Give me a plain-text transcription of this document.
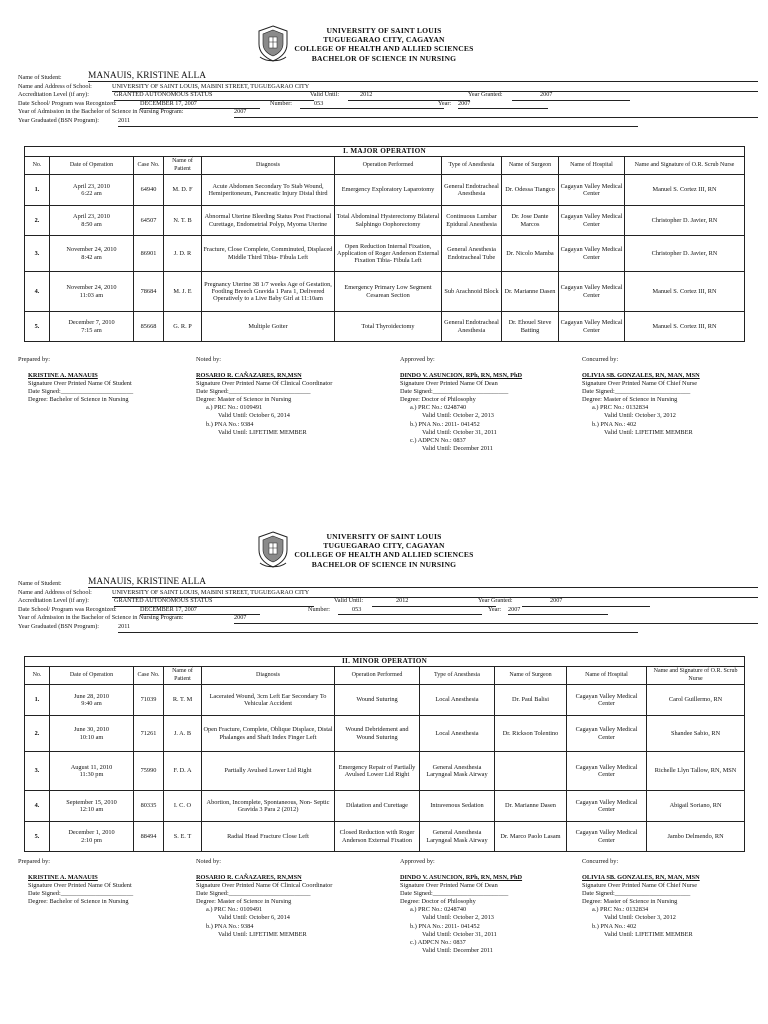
UNIVERSITY OF SAINT LOUIS
TUGUEGARAO CITY, CAGAYAN
COLLEGE OF HEALTH AND ALLIED SCIENCES
BACHELOR OF SCIENCE IN NURSING
Name of Student:	MANAUIS, KRISTINE ALLA
Name and Address of School:	UNIVERSITY OF SAINT LOUIS, MABINI STREET, TUGUEGARAO CITY
Accreditation Level (if any):	GRANTED AUTONOMOUS STATUS	Valid Until:	2012	Year Granted:	2007
Date School/ Program was Recognized:	DECEMBER 17, 2007	Number:	053	Year: 2007
Year of Admission in the Bachelor of Science in Nursing Program:	2007
Year Graduated (BSN Program):	2011
I. MAJOR OPERATION									
No.	Date of Operation	Case No.	Name of Patient	Diagnosis	Operation Performed	Type of Anesthesia	Name of Surgeon	Name of Hospital	Name and Signature of O.R. Scrub Nurse
1.	April 23, 2010
6:22 am	64940	M. D. F	Acute Abdomen Secondary To Stab Wound, Hemiperitoneum, Pancreatic Injury Distal third	Emergency Exploratory Laparotomy	General Endotracheal Anesthesia	Dr. Odessa Tiangco	Cagayan Valley Medical Center	Manuel S. Cortez III, RN
2.	April 23, 2010
8:50 am	64507	N. T. B	Abnormal Uterine Bleeding Status Post Fractional Curettage, Endometrial Polyp, Myoma Uterine	Total Abdominal Hysterectomy Bilateral Salphingo Oophorectomy	Continuous Lumbar Epidural Anesthesia	Dr. Jose Dante Marcos	Cagayan Valley Medical Center	Christopher D. Javier, RN
3.	November 24, 2010
8:42 am	86901	J. D. R	Fracture, Close Complete, Comminuted, Displaced Middle Third Tibia- Fibula Left	Open Reduction Internal Fixation, Application of Roger Anderson External Fixation Tibia- Fibula Left	General Anesthesia Endotracheal Tube	Dr. Nicolo Mamba	Cagayan Valley Medical Center	Christopher D. Javier, RN
4.	November 24, 2010
11:03 am	78684	M. J. E	Pregnancy Uterine 38 1/7 weeks Age of Gestation, Footling Breech Gravida 1 Para 1, Delivered Operatively to a Live Baby Girl at 11:10am	Emergency Primary Low Segment Cesarean Section	Sub Arachnoid Block	Dr. Marianne Dasen	Cagayan Valley Medical Center	Manuel S. Cortez III, RN
5.	December 7, 2010
7:15 am	85668	G. R. P	Multiple Goiter	Total Thyroidectomy	General Endotracheal Anesthesia	Dr. Ehouel Steve Batting	Cagayan Valley Medical Center	Manuel S. Cortez III, RN
Prepared by:
KRISTINE A. MANAUIS
Signature Over Printed Name Of Student
Date Signed:_______________________
Degree: Bachelor of Science in Nursing
Noted by:
ROSARIO R. CAÑAZARES, RN,MSN
Signature Over Printed Name Of Clinical Coordinator
Date Signed:__________________________
Degree: Master of Science in Nursing
a.) PRC No.: 0109491
Valid Until: October 6, 2014
b.) PNA No.: 9384
Valid Until: LIFETIME MEMBER
Approved by:
DINDO V. ASUNCION, RPh, RN, MSN, PhD
Signature Over Printed Name Of Dean
Date Signed:________________________
Degree: Doctor of Philosophy
a.) PRC No.: 0248740
Valid Until: October 2, 2013
b.) PNA No.: 2011- 041452
Valid Until: October 31, 2011
c.) ADPCN No.: 0837
Valid Until: December 2011
Concurred by:
OLIVIA SB. GONZALES, RN, MAN, MSN
Signature Over Printed Name Of Chief Nurse
Date Signed:________________________
Degree: Master of Science in Nursing
a.) PRC No.: 0132834
Valid Until: October 3, 2012
b.) PNA No.: 402
Valid Until: LIFETIME MEMBER
UNIVERSITY OF SAINT LOUIS
TUGUEGARAO CITY, CAGAYAN
COLLEGE OF HEALTH AND ALLIED SCIENCES
BACHELOR OF SCIENCE IN NURSING
Name of Student:	MANAUIS, KRISTINE ALLA
Name and Address of School:	UNIVERSITY OF SAINT LOUIS, MABINI STREET, TUGUEGARAO CITY
Accreditation Level (if any):	GRANTED AUTONOMOUS STATUS	Valid Until:	2012	Year Granted:	2007
Date School/ Program was Recognized:	DECEMBER 17, 2007	Number:	053	Year: 2007
Year of Admission in the Bachelor of Science in Nursing Program:	2007
Year Graduated (BSN Program):	2011
II. MINOR OPERATION									
No.	Date of Operation	Case No.	Name of Patient	Diagnosis	Operation Performed	Type of Anesthesia	Name of Surgeon	Name of Hospital	Name and Signature of O.R. Scrub Nurse
1.	June 28, 2010
9:40 am	71039	R. T. M	Lacerated Wound, 3cm Left Ear Secondary To Vehicular Accident	Wound Suturing	Local Anesthesia	Dr. Paul Balisi	Cagayan Valley Medical Center	Carol Guillermo, RN
2.	June 30, 2010
10:10 am	71261	J. A. B	Open Fracture, Complete, Oblique Displace, Distal Phalanges and Shaft Index Finger Left	Wound Debridement and Wound Suturing	Local Anesthesia	Dr. Rickson Tolentino	Cagayan Valley Medical Center	Shandee Sabio, RN
3.	August 11, 2010
11:30 pm	75990	F. D. A	Partially Avulsed Lower Lid Right	Emergency Repair of Partially Avulsed Lower Lid Right	General Anesthesia Laryngeal Mask Airway		Cagayan Valley Medical Center	Richelle Llyn Tallow, RN, MSN
4.	September 15, 2010
12:10 am	80335	I. C. O	Abortion, Incomplete, Spontaneous, Non- Septic Gravida 3 Para 2 (2012)	Dilatation and Curettage	Intravenous Sedation	Dr. Marianne Dasen	Cagayan Valley Medical Center	Abigail Soriano, RN
5.	December 1, 2010
2:10 pm	88494	S. E. T	Radial Head Fracture Close Left	Closed Reduction with Roger Anderson External Fixation	General Anesthesia Laryngeal Mask Airway	Dr. Marco Paolo Lasam	Cagayan Valley Medical Center	Jambo Delmendo, RN
Prepared by:
KRISTINE A. MANAUIS
Signature Over Printed Name Of Student
Date Signed:_______________________
Degree: Bachelor of Science in Nursing
Noted by:
ROSARIO R. CAÑAZARES, RN,MSN
Signature Over Printed Name Of Clinical Coordinator
Date Signed:__________________________
Degree: Master of Science in Nursing
a.) PRC No.: 0109491
Valid Until: October 6, 2014
b.) PNA No.: 9384
Valid Until: LIFETIME MEMBER
Approved by:
DINDO V. ASUNCION, RPh, RN, MSN, PhD
Signature Over Printed Name Of Dean
Date Signed:________________________
Degree: Doctor of Philosophy
a.) PRC No.: 0248740
Valid Until: October 2, 2013
b.) PNA No.: 2011- 041452
Valid Until: October 31, 2011
c.) ADPCN No.: 0837
Valid Until: December 2011
Concurred by:
OLIVIA SB. GONZALES, RN, MAN, MSN
Signature Over Printed Name Of Chief Nurse
Date Signed:________________________
Degree: Master of Science in Nursing
a.) PRC No.: 0132834
Valid Until: October 3, 2012
b.) PNA No.: 402
Valid Until: LIFETIME MEMBER
